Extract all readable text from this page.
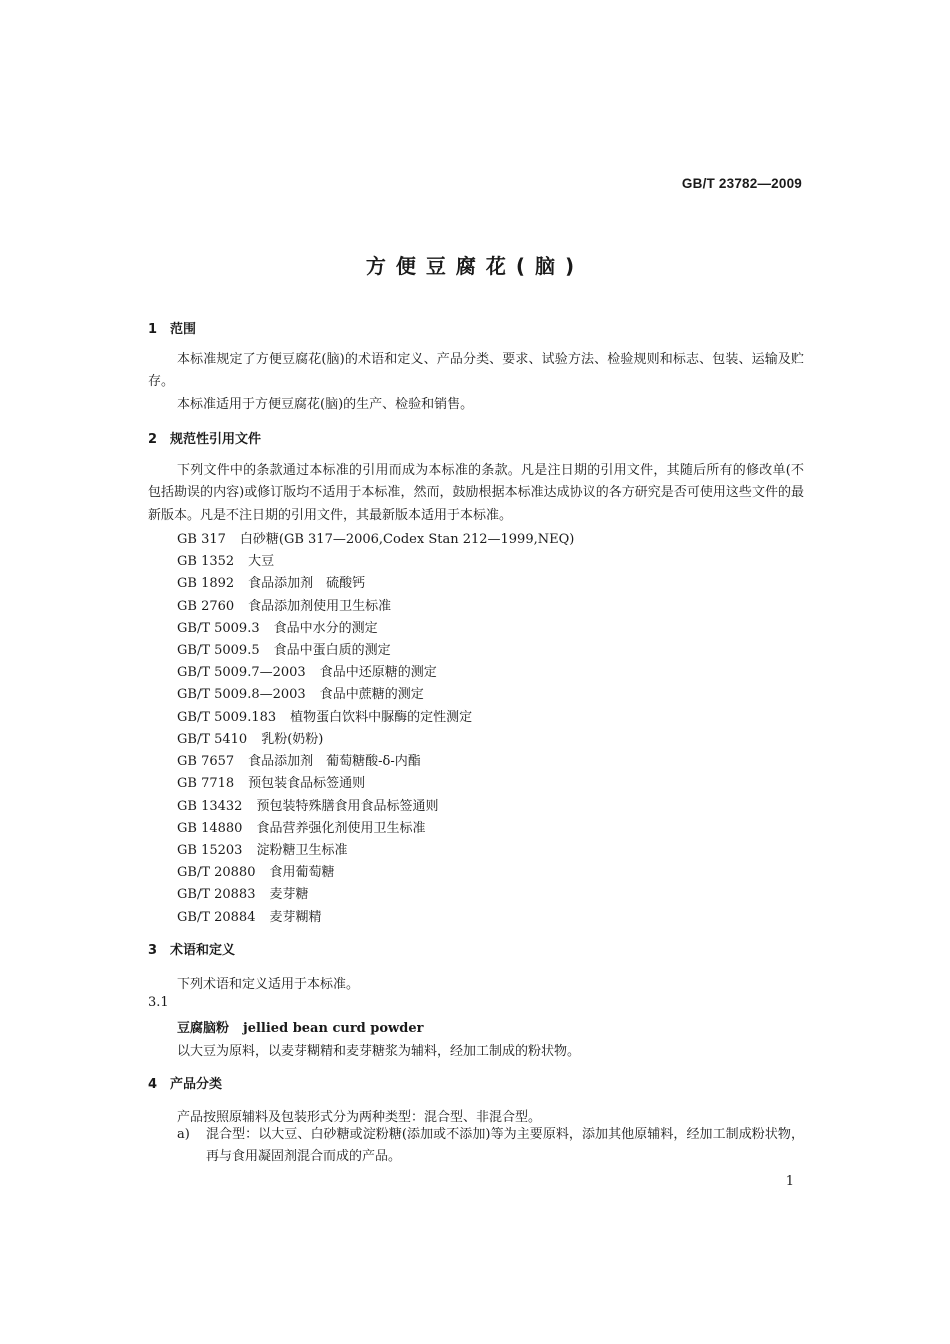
GB/T 23782—2009
方便豆腐花(脑)
1 范围

本标准规定了方便豆腐花(脑)的术语和定义、产品分类、要求、试验方法、检验规则和标志、包装、运输及贮存。

本标准适用于方便豆腐花(脑)的生产、检验和销售。

2 规范性引用文件

下列文件中的条款通过本标准的引用而成为本标准的条款。凡是注日期的引用文件，其随后所有的修改单(不包括勘误的内容)或修订版均不适用于本标准，然而，鼓励根据本标准达成协议的各方研究是否可使用这些文件的最新版本。凡是不注日期的引用文件，其最新版本适用于本标准。

GB 317 白砂糖(GB 317—2006,Codex Stan 212—1999,NEQ)

GB 1352 大豆

GB 1892 食品添加剂　硫酸钙

GB 2760 食品添加剂使用卫生标准

GB/T 5009.3 食品中水分的测定

GB/T 5009.5 食品中蛋白质的测定

GB/T 5009.7—2003 食品中还原糖的测定

GB/T 5009.8—2003 食品中蔗糖的测定

GB/T 5009.183 植物蛋白饮料中脲酶的定性测定

GB/T 5410 乳粉(奶粉)

GB 7657 食品添加剂　葡萄糖酸-δ-内酯

GB 7718 预包装食品标签通则

GB 13432 预包装特殊膳食用食品标签通则

GB 14880 食品营养强化剂使用卫生标准

GB 15203 淀粉糖卫生标准

GB/T 20880 食用葡萄糖

GB/T 20883 麦芽糖

GB/T 20884 麦芽糊精

3 术语和定义

下列术语和定义适用于本标准。

3.1

豆腐脑粉 jellied bean curd powder

以大豆为原料，以麦芽糊精和麦芽糖浆为辅料，经加工制成的粉状物。

4 产品分类

产品按照原辅料及包装形式分为两种类型：混合型、非混合型。

a) 混合型：以大豆、白砂糖或淀粉糖(添加或不添加)等为主要原料，添加其他原辅料，经加工制成粉状物，再与食用凝固剂混合而成的产品。
1
